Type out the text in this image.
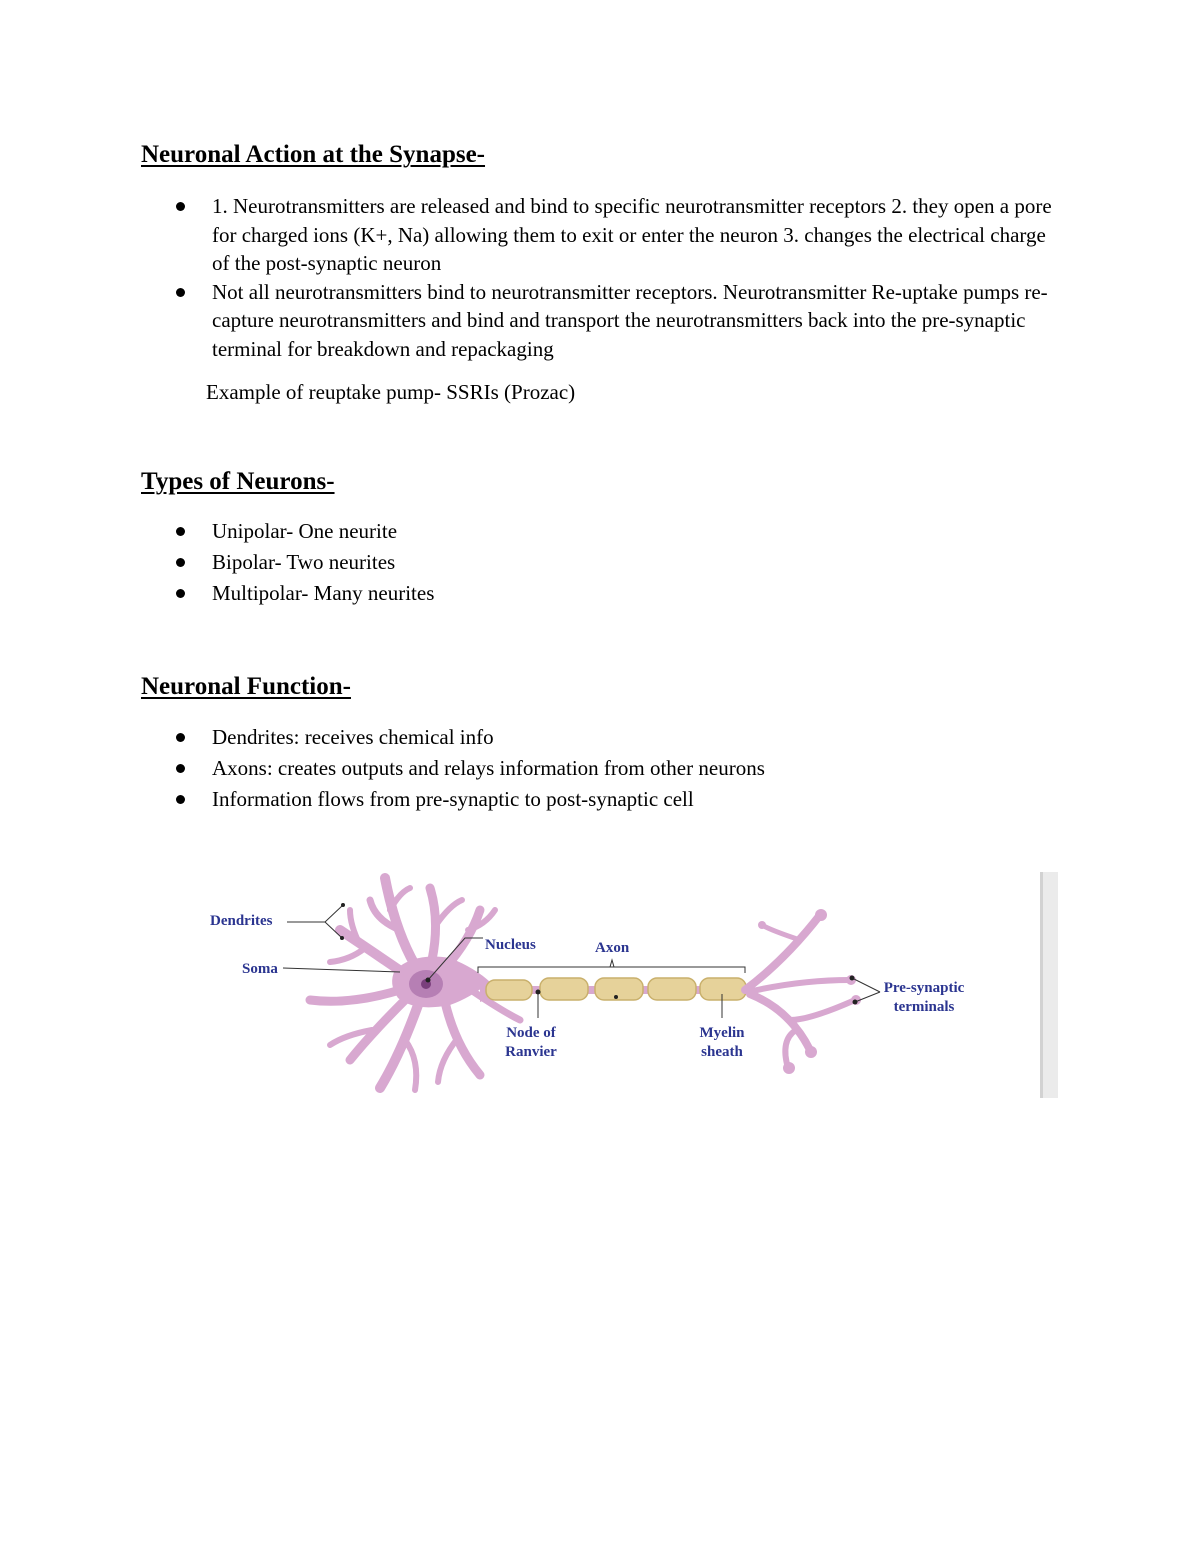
Neuronal Action at the Synapse-
1. Neurotransmitters are released and bind to specific neurotransmitter receptors 2. they open a pore for charged ions (K+, Na) allowing them to exit or enter the neuron 3. changes the electrical charge of the post-synaptic neuron
Not all neurotransmitters bind to neurotransmitter receptors. Neurotransmitter Re-uptake pumps re-capture neurotransmitters and bind and transport the neurotransmitters back into the pre-synaptic terminal for breakdown and repackaging

Example of reuptake pump- SSRIs (Prozac)

Types of Neurons-
Unipolar- One neurite
Bipolar- Two neurites
Multipolar- Many neurites
Neuronal Function-
Dendrites: receives chemical info
Axons: creates outputs and relays information from other neurons
Information flows from pre-synaptic to post-synaptic cell
Dendrites
Soma
Nucleus	Axon
Node of
Ranvier
Myelin
sheath
Pre-synaptic
terminals
